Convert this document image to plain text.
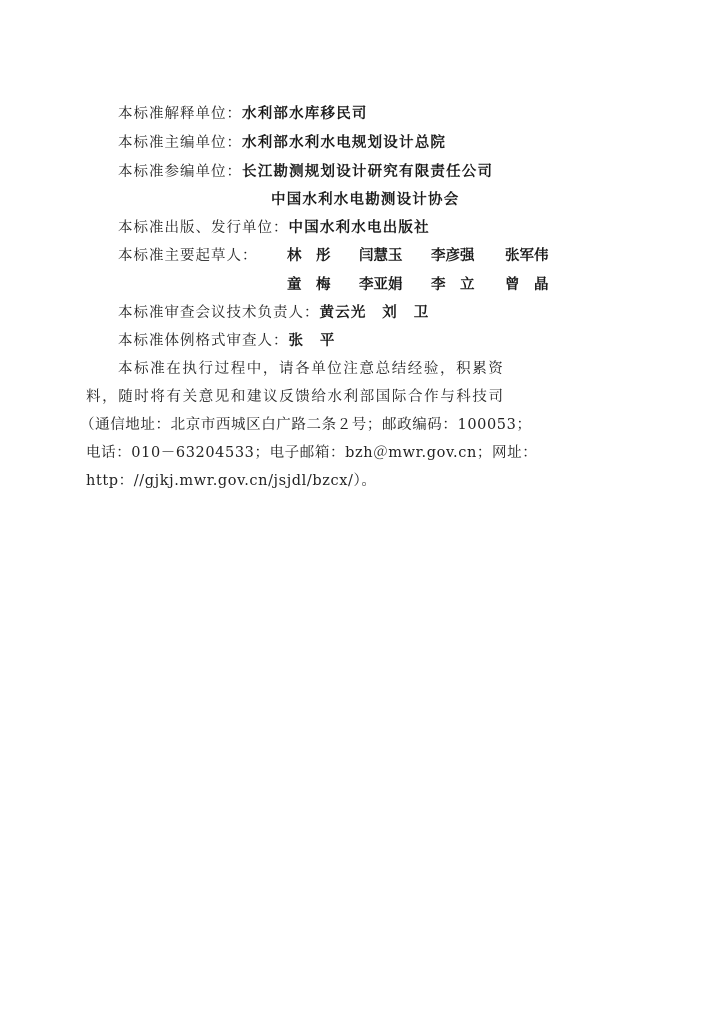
本标准解释单位：水利部水库移民司
本标准主编单位：水利部水利水电规划设计总院
本标准参编单位：长江勘测规划设计研究有限责任公司
中国水利水电勘测设计协会
本标准出版、发行单位：中国水利水电出版社
本标准主要起草人： 林　彤 闫慧玉 李彦强 张军伟
童　梅 李亚娟 李　立 曾　晶
本标准审查会议技术负责人：黄云光　刘　卫
本标准体例格式审查人：张　平
本标准在执行过程中，请各单位注意总结经验，积累资
料，随时将有关意见和建议反馈给水利部国际合作与科技司
（通信地址：北京市西城区白广路二条２号；邮政编码：100053；
电话：010－63204533；电子邮箱：bzh＠mwr.gov.cn；网址：
http：//gjkj.mwr.gov.cn/jsjdl/bzcx/）。
